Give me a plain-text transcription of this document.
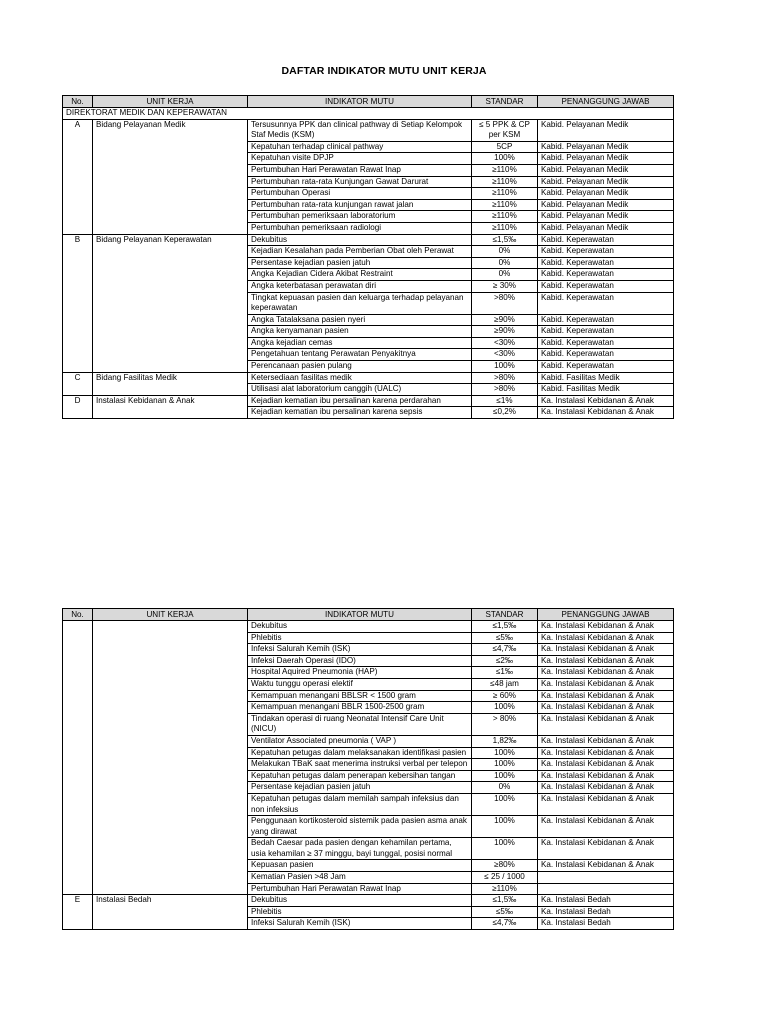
DAFTAR INDIKATOR MUTU UNIT KERJA
No.	UNIT KERJA	INDIKATOR MUTU	STANDAR	PENANGGUNG JAWAB
DIREKTORAT MEDIK DAN KEPERAWATAN				
A	Bidang Pelayanan Medik	Tersusunnya PPK dan clinical pathway di Setiap Kelompok Staf Medis (KSM)	≤ 5 PPK & CP per KSM	Kabid. Pelayanan Medik
		Kepatuhan terhadap clinical pathway	5CP	Kabid. Pelayanan Medik
		Kepatuhan visite DPJP	100%	Kabid. Pelayanan Medik
		Pertumbuhan Hari Perawatan Rawat Inap	≥110%	Kabid. Pelayanan Medik
		Pertumbuhan rata-rata Kunjungan Gawat Darurat	≥110%	Kabid. Pelayanan Medik
		Pertumbuhan Operasi	≥110%	Kabid. Pelayanan Medik
		Pertumbuhan rata-rata kunjungan rawat jalan	≥110%	Kabid. Pelayanan Medik
		Pertumbuhan pemeriksaan laboratorium	≥110%	Kabid. Pelayanan Medik
		Pertumbuhan pemeriksaan radiologi	≥110%	Kabid. Pelayanan Medik
B	Bidang Pelayanan Keperawatan	Dekubitus	≤1,5‰	Kabid. Keperawatan
		Kejadian Kesalahan pada Pemberian Obat oleh Perawat	0%	Kabid. Keperawatan
		Persentase kejadian pasien jatuh	0%	Kabid. Keperawatan
		Angka Kejadian Cidera Akibat Restraint	0%	Kabid. Keperawatan
		Angka keterbatasan perawatan diri	≥ 30%	Kabid. Keperawatan
		Tingkat kepuasan pasien dan keluarga terhadap pelayanan keperawatan	>80%	Kabid. Keperawatan
		Angka Tatalaksana pasien nyeri	≥90%	Kabid. Keperawatan
		Angka kenyamanan pasien	≥90%	Kabid. Keperawatan
		Angka kejadian cemas	<30%	Kabid. Keperawatan
		Pengetahuan tentang Perawatan Penyakitnya	<30%	Kabid. Keperawatan
		Perencanaan pasien pulang	100%	Kabid. Keperawatan
C	Bidang Fasilitas Medik	Ketersediaan fasilitas medik	>80%	Kabid. Fasilitas Medik
		Utilisasi alat laboratorium canggih (UALC)	>80%	Kabid. Fasilitas Medik
D	Instalasi Kebidanan & Anak	Kejadian kematian ibu persalinan karena perdarahan	≤1%	Ka. Instalasi Kebidanan & Anak
		Kejadian kematian ibu persalinan karena sepsis	≤0,2%	Ka. Instalasi Kebidanan & Anak
No.	UNIT KERJA	INDIKATOR MUTU	STANDAR	PENANGGUNG JAWAB
		Dekubitus	≤1,5‰	Ka. Instalasi Kebidanan & Anak
		Phlebitis	≤5‰	Ka. Instalasi Kebidanan & Anak
		Infeksi Salurah Kemih (ISK)	≤4,7‰	Ka. Instalasi Kebidanan & Anak
		Infeksi Daerah Operasi (IDO)	≤2‰	Ka. Instalasi Kebidanan & Anak
		Hospital Aquired Pneumonia (HAP)	≤1‰	Ka. Instalasi Kebidanan & Anak
		Waktu tunggu operasi elektif	≤48 jam	Ka. Instalasi Kebidanan & Anak
		Kemampuan menangani BBLSR < 1500 gram	≥ 60%	Ka. Instalasi Kebidanan & Anak
		Kemampuan menangani BBLR 1500-2500 gram	100%	Ka. Instalasi Kebidanan & Anak
		Tindakan operasi di ruang Neonatal Intensif Care Unit (NICU)	> 80%	Ka. Instalasi Kebidanan & Anak
		Ventilator Associated pneumonia ( VAP )	1,82‰	Ka. Instalasi Kebidanan & Anak
		Kepatuhan petugas dalam melaksanakan identifikasi pasien	100%	Ka. Instalasi Kebidanan & Anak
		Melakukan TBaK saat menerima instruksi verbal per telepon	100%	Ka. Instalasi Kebidanan & Anak
		Kepatuhan petugas dalam penerapan kebersihan tangan	100%	Ka. Instalasi Kebidanan & Anak
		Persentase kejadian pasien jatuh	0%	Ka. Instalasi Kebidanan & Anak
		Kepatuhan petugas dalam memilah sampah infeksius dan non infeksius	100%	Ka. Instalasi Kebidanan & Anak
		Penggunaan kortikosteroid sistemik pada pasien asma anak yang dirawat	100%	Ka. Instalasi Kebidanan & Anak
		Bedah Caesar pada pasien dengan kehamilan pertama, usia kehamilan ≥ 37 minggu, bayi tunggal, posisi normal	100%	Ka. Instalasi Kebidanan & Anak
		Kepuasan pasien	≥80%	Ka. Instalasi Kebidanan & Anak
		Kematian Pasien >48 Jam	≤ 25 / 1000	
		Pertumbuhan Hari Perawatan Rawat Inap	≥110%	
E	Instalasi Bedah	Dekubitus	≤1,5‰	Ka. Instalasi Bedah
		Phlebitis	≤5‰	Ka. Instalasi Bedah
		Infeksi Salurah Kemih (ISK)	≤4,7‰	Ka. Instalasi Bedah
